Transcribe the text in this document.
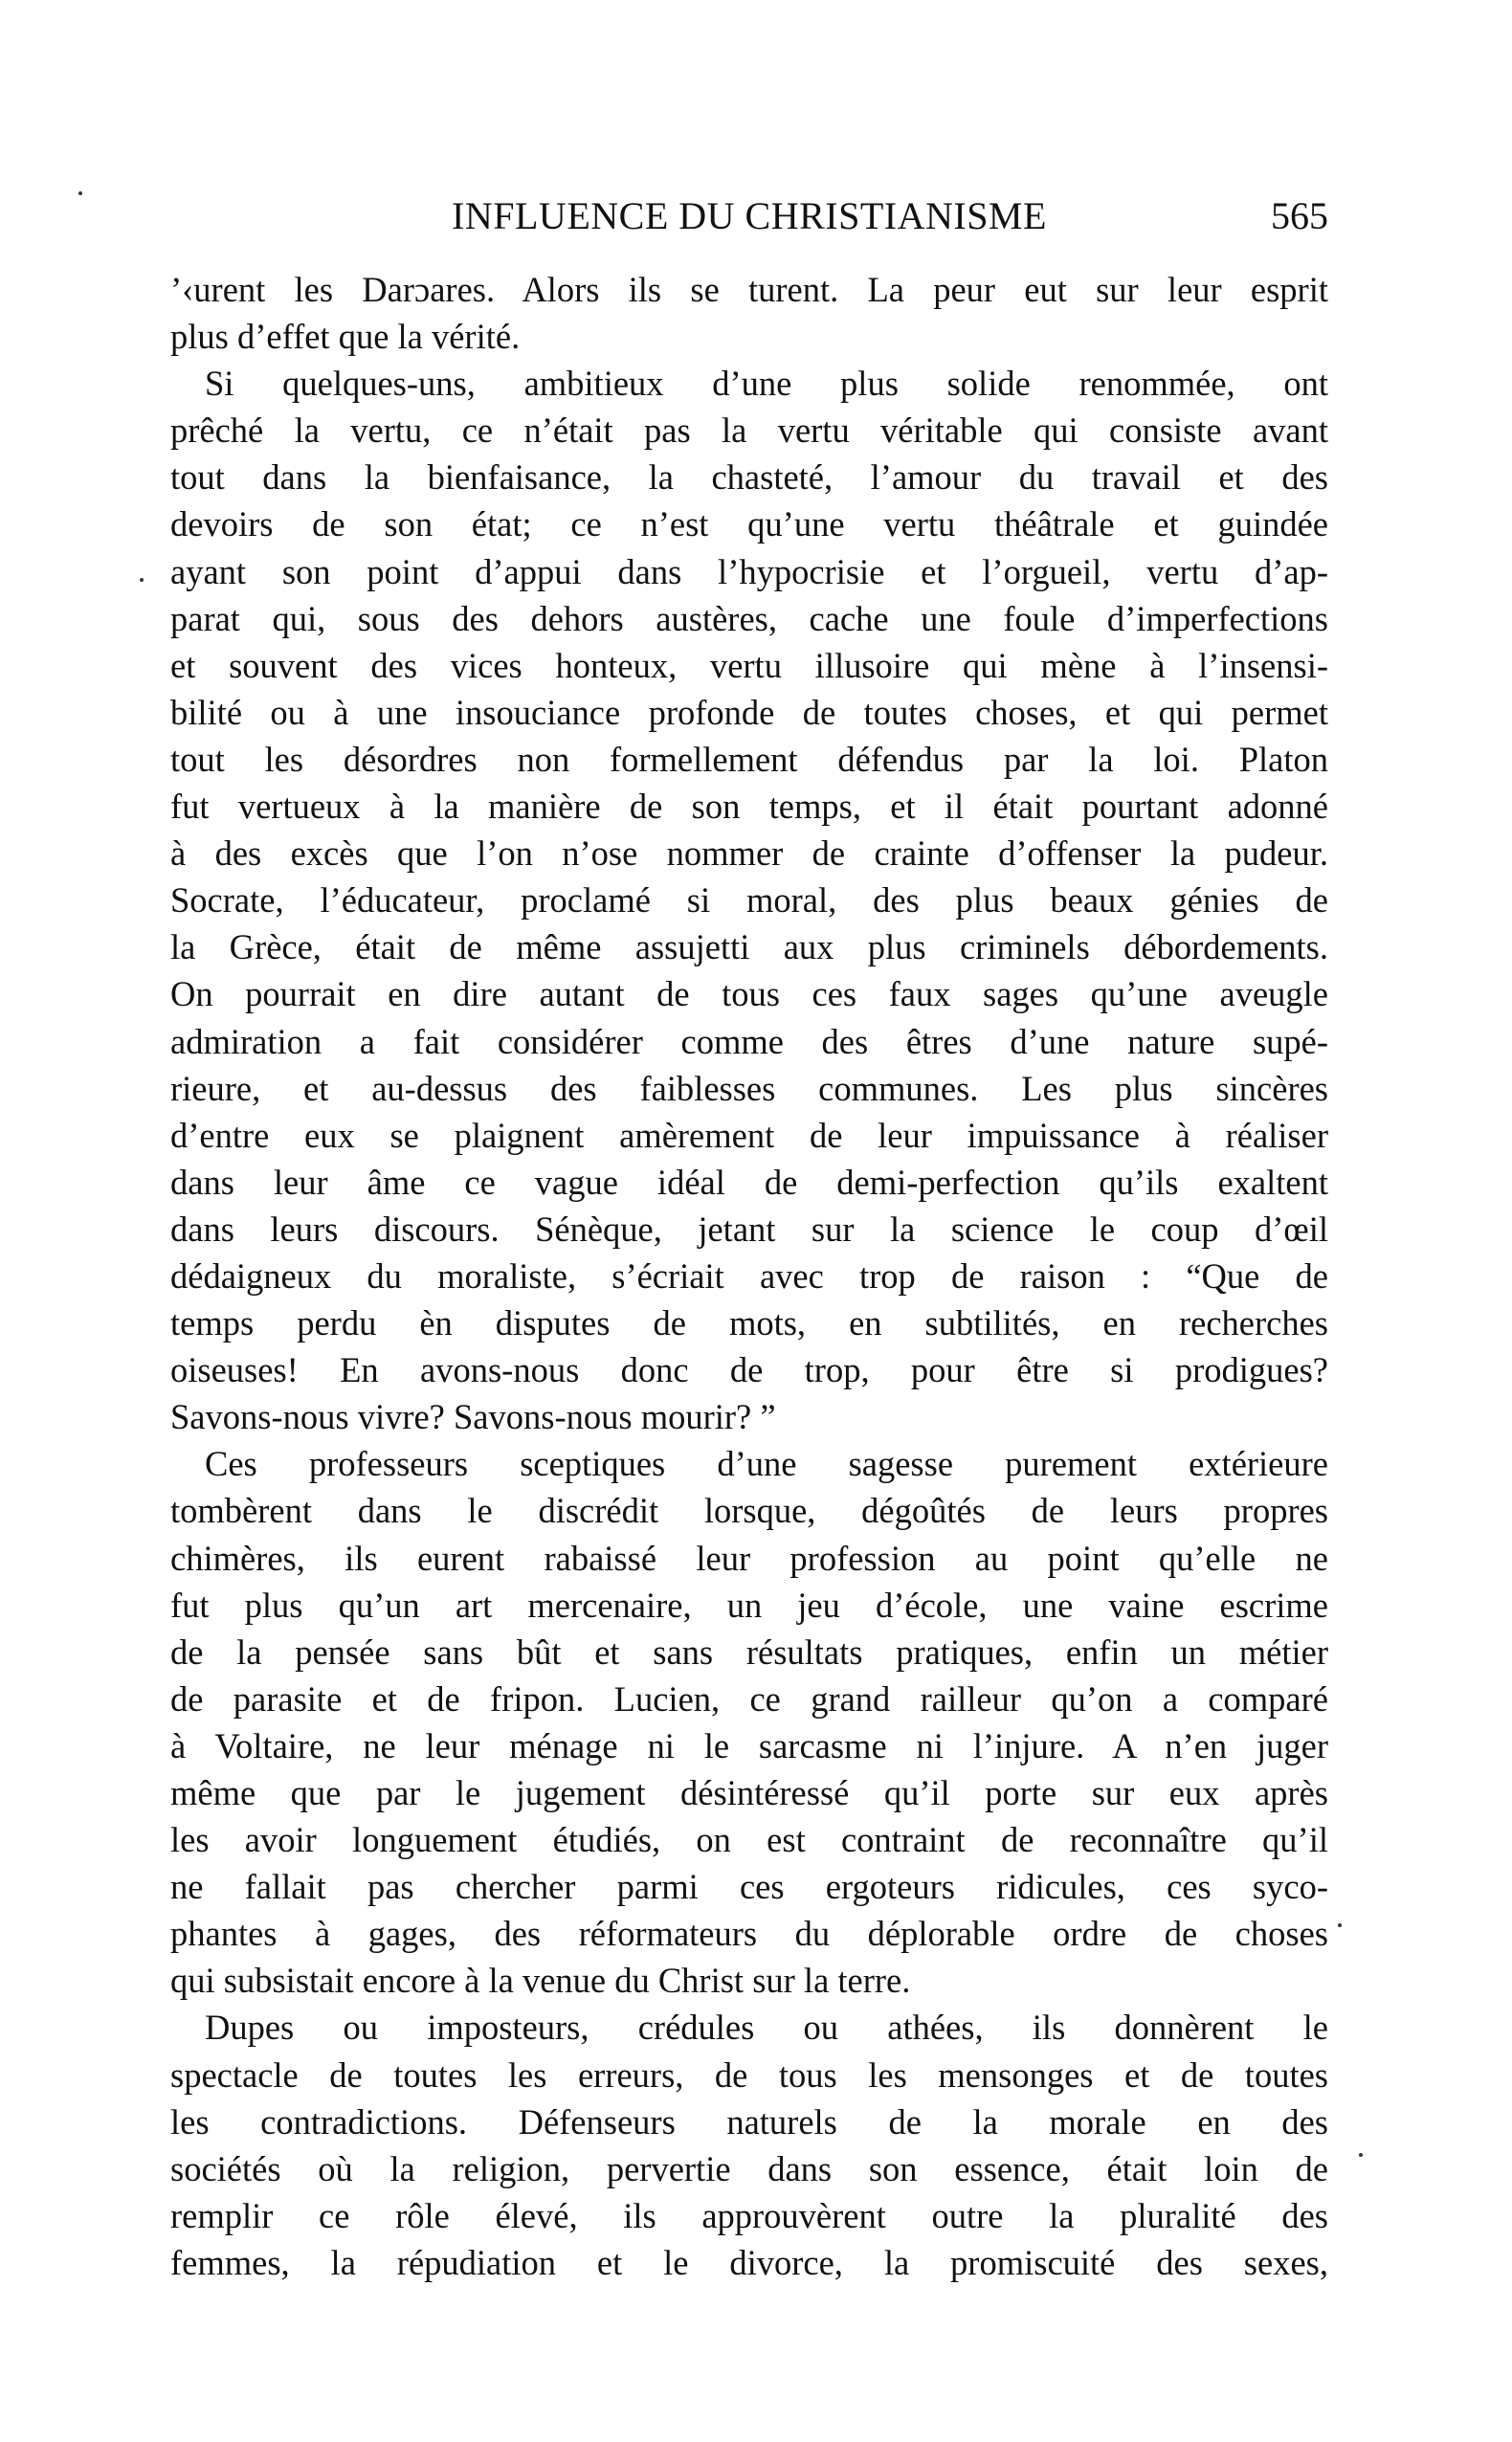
INFLUENCE DU CHRISTIANISME	565
ʼ‹urent les Darɔares. Alors ils se turent. La peur eut sur leur esprit
plus d’effet que la vérité.
Si quelques-uns, ambitieux d’une plus solide renommée, ont
prêché la vertu, ce n’était pas la vertu véritable qui consiste avant
tout dans la bienfaisance, la chasteté, l’amour du travail et des
devoirs de son état; ce n’est qu’une vertu théâtrale et guindée
ayant son point d’appui dans l’hypocrisie et l’orgueil, vertu d’ap-
parat qui, sous des dehors austères, cache une foule d’imperfections
et souvent des vices honteux, vertu illusoire qui mène à l’insensi-
bilité ou à une insouciance profonde de toutes choses, et qui permet
tout les désordres non formellement défendus par la loi. Platon
fut vertueux à la manière de son temps, et il était pourtant adonné
à des excès que l’on n’ose nommer de crainte d’offenser la pudeur.
Socrate, l’éducateur, proclamé si moral, des plus beaux génies de
la Grèce, était de même assujetti aux plus criminels débordements.
On pourrait en dire autant de tous ces faux sages qu’une aveugle
admiration a fait considérer comme des êtres d’une nature supé-
rieure, et au-dessus des faiblesses communes. Les plus sincères
d’entre eux se plaignent amèrement de leur impuissance à réaliser
dans leur âme ce vague idéal de demi-perfection qu’ils exaltent
dans leurs discours. Sénèque, jetant sur la science le coup d’œil
dédaigneux du moraliste, s’écriait avec trop de raison : “Que de
temps perdu èn disputes de mots, en subtilités, en recherches
oiseuses! En avons-nous donc de trop, pour être si prodigues?
Savons-nous vivre? Savons-nous mourir? ”
Ces professeurs sceptiques d’une sagesse purement extérieure
tombèrent dans le discrédit lorsque, dégoûtés de leurs propres
chimères, ils eurent rabaissé leur profession au point qu’elle ne
fut plus qu’un art mercenaire, un jeu d’école, une vaine escrime
de la pensée sans bût et sans résultats pratiques, enfin un métier
de parasite et de fripon. Lucien, ce grand railleur qu’on a comparé
à Voltaire, ne leur ménage ni le sarcasme ni l’injure. A n’en juger
même que par le jugement désintéressé qu’il porte sur eux après
les avoir longuement étudiés, on est contraint de reconnaître qu’il
ne fallait pas chercher parmi ces ergoteurs ridicules, ces syco-
phantes à gages, des réformateurs du déplorable ordre de choses
qui subsistait encore à la venue du Christ sur la terre.
Dupes ou imposteurs, crédules ou athées, ils donnèrent le
spectacle de toutes les erreurs, de tous les mensonges et de toutes
les contradictions. Défenseurs naturels de la morale en des
sociétés où la religion, pervertie dans son essence, était loin de
remplir ce rôle élevé, ils approuvèrent outre la pluralité des
femmes, la répudiation et le divorce, la promiscuité des sexes,
